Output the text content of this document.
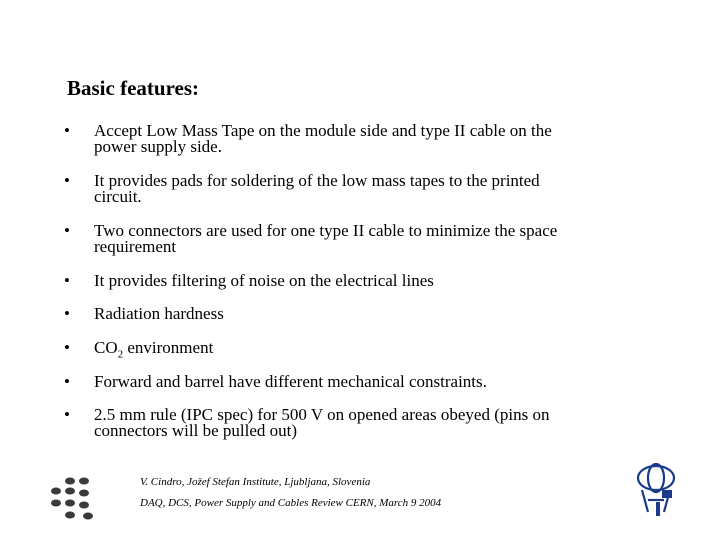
Basic features:
•	Accept Low Mass Tape on the module side and type II cable on the
power supply side.
•	It provides pads for soldering of the low mass tapes to the printed
circuit.
•	Two connectors are used for one type II cable to minimize the space
requirement
•	It provides filtering of noise on the electrical lines
•	Radiation hardness
•	$CO_2$ environment
•	Forward and barrel have different mechanical constraints.
•	2.5 mm rule (IPC spec) for 500 V on opened areas obeyed (pins on
connectors will be pulled out)
V. Cindro, Jožef Stefan Institute, Ljubljana, Slovenia
DAQ, DCS, Power Supply and Cables Review CERN, March 9 2004
